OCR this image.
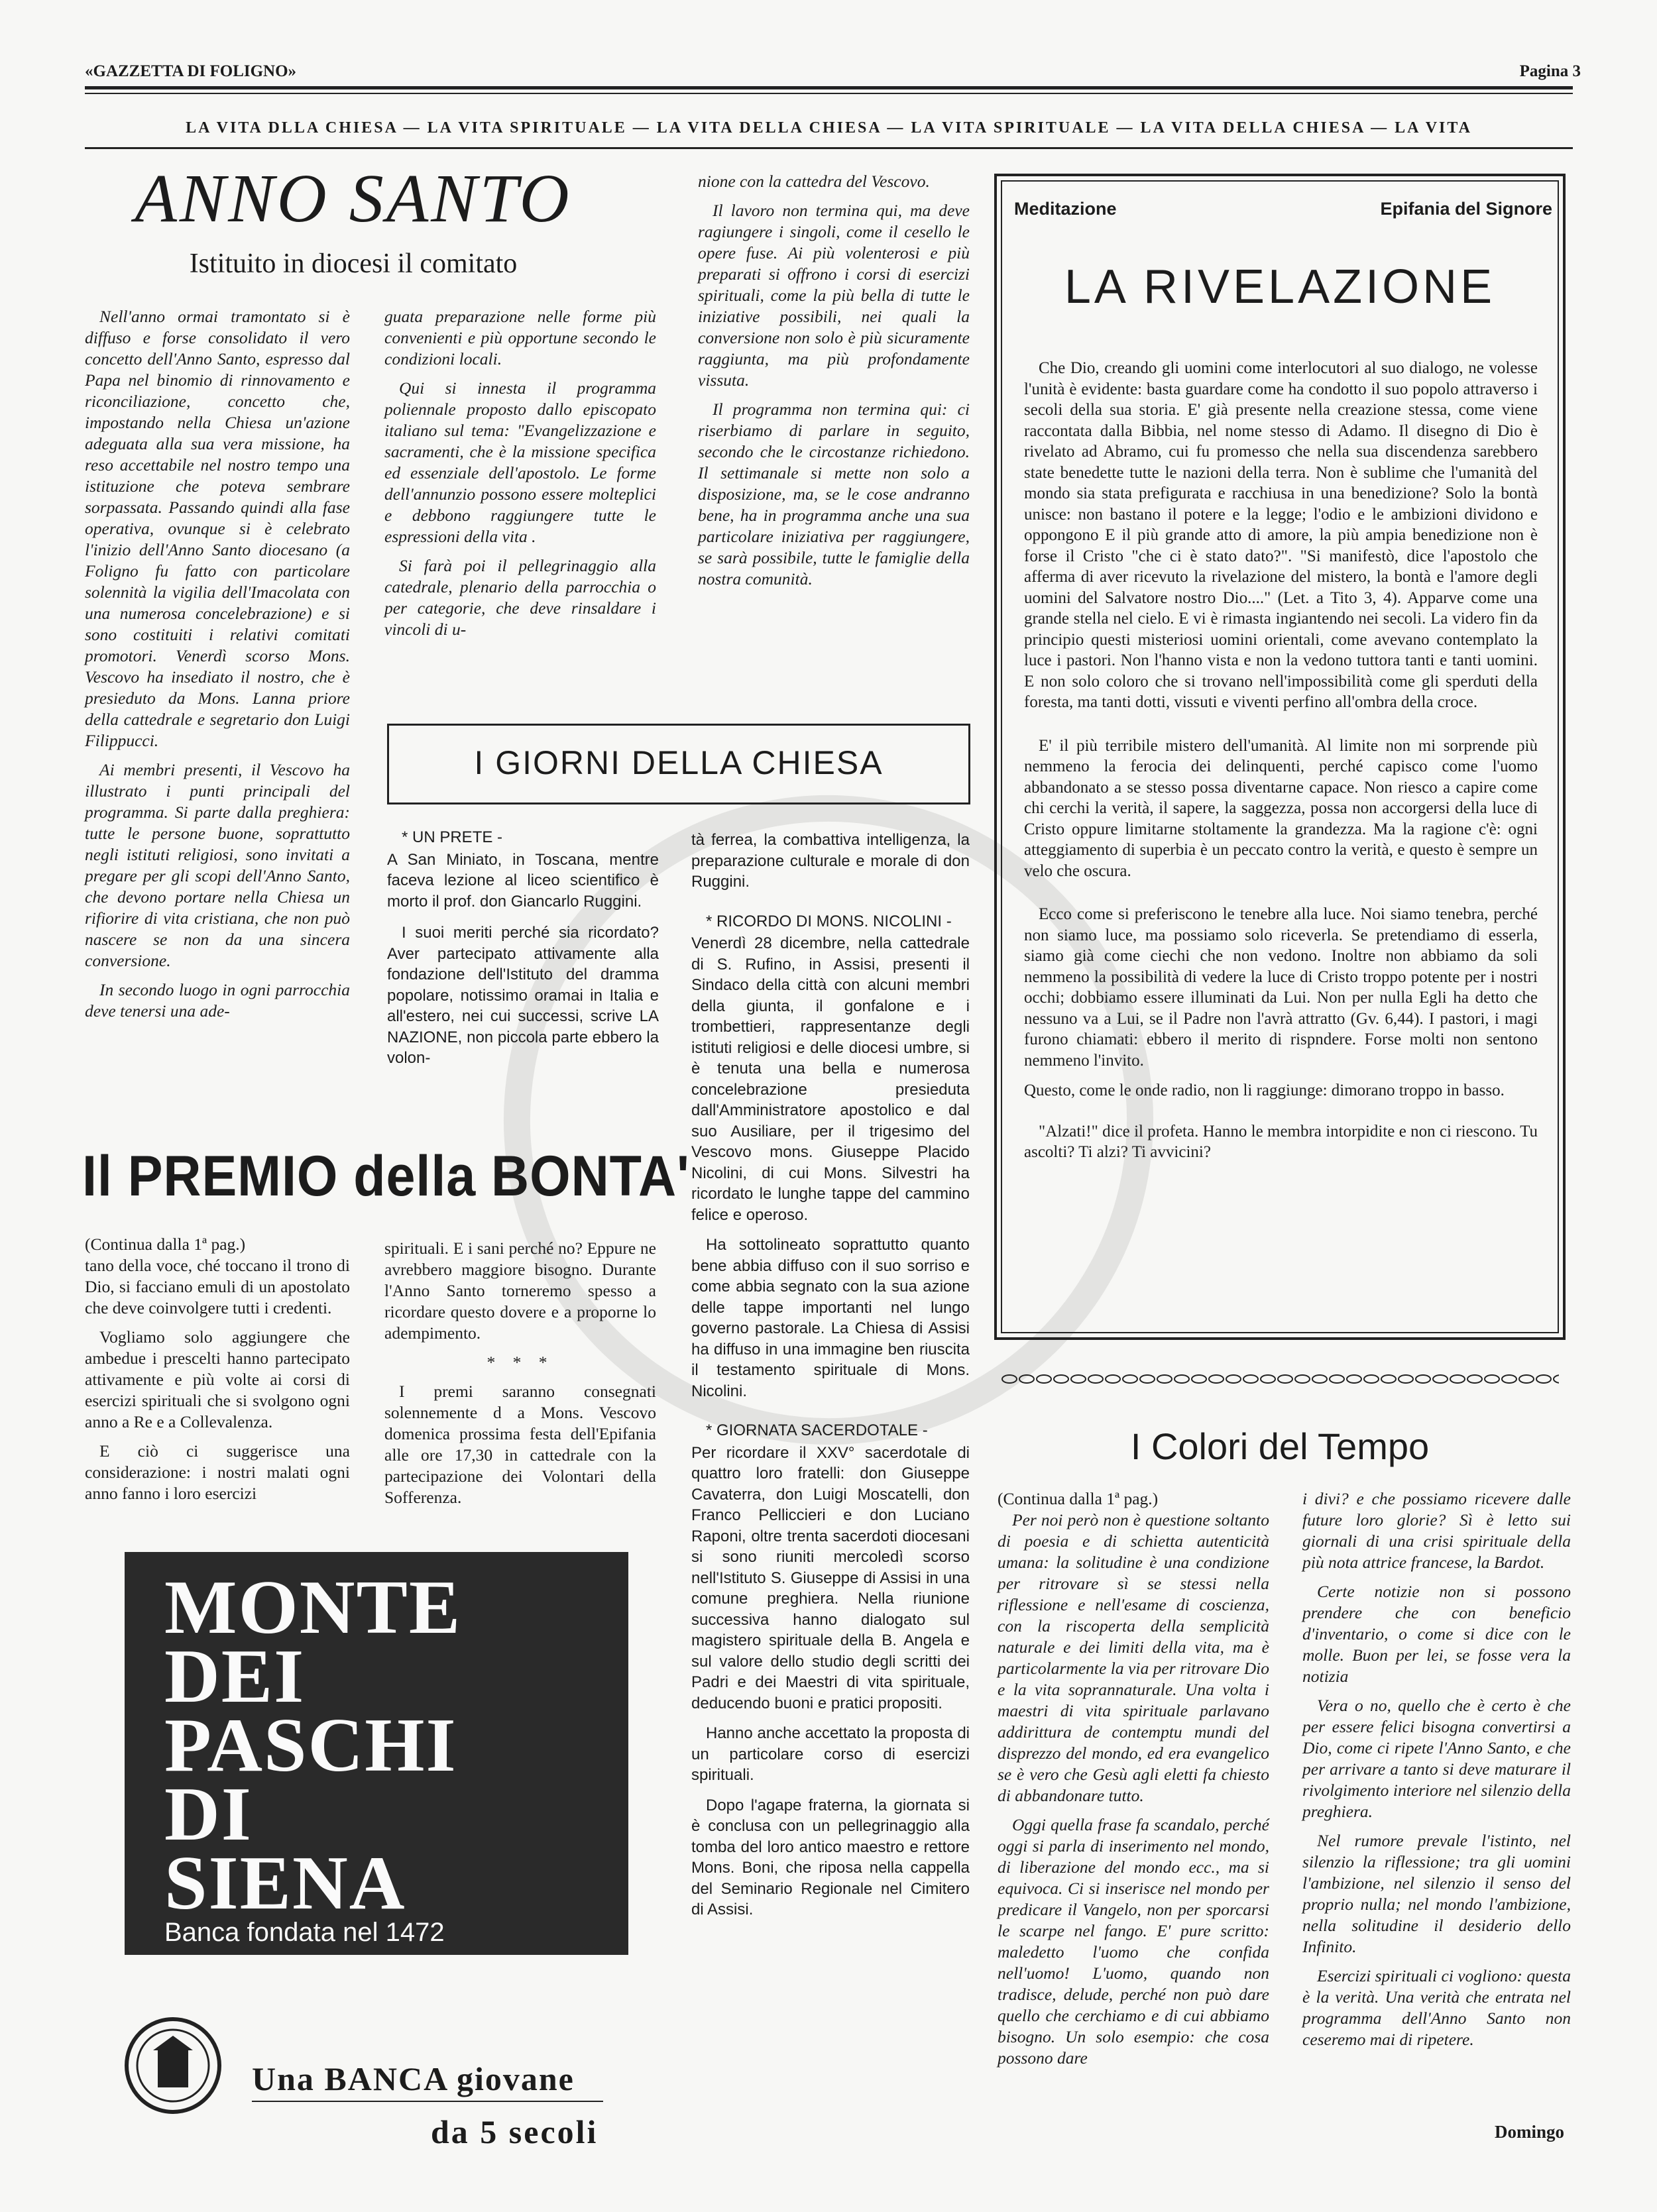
«GAZZETTA DI FOLIGNO»	Pagina 3
LA VITA DLLA CHIESA — LA VITA SPIRITUALE — LA VITA DELLA CHIESA — LA VITA SPIRITUALE — LA VITA DELLA CHIESA — LA VITA
ANNO SANTO
Istituito in diocesi il comitato

Nell'anno ormai tramontato si è diffuso e forse consolidato il vero concetto dell'Anno Santo, espresso dal Papa nel binomio di rinnovamento e riconciliazione, concetto che, impostando nella Chiesa un'azione adeguata alla sua vera missione, ha reso accettabile nel nostro tempo una istituzione che poteva sembrare sorpassata. Passando quindi alla fase operativa, ovunque si è celebrato l'inizio dell'Anno Santo diocesano (a Foligno fu fatto con particolare solennità la vigilia dell'Imacolata con una numerosa concelebrazione) e si sono costituiti i relativi comitati promotori. Venerdì scorso Mons. Vescovo ha insediato il nostro, che è presieduto da Mons. Lanna priore della cattedrale e segretario don Luigi Filippucci.

Ai membri presenti, il Vescovo ha illustrato i punti principali del programma. Si parte dalla preghiera: tutte le persone buone, soprattutto negli istituti religiosi, sono invitati a pregare per gli scopi dell'Anno Santo, che devono portare nella Chiesa un rifiorire di vita cristiana, che non può nascere se non da una sincera conversione.

In secondo luogo in ogni parrocchia deve tenersi una ade-

guata preparazione nelle forme più convenienti e più opportune secondo le condizioni locali.

Qui si innesta il programma poliennale proposto dallo episcopato italiano sul tema: "Evangelizzazione e sacramenti, che è la missione specifica ed essenziale dell'apostolo. Le forme dell'annunzio possono essere molteplici e debbono raggiungere tutte le espressioni della vita .

Si farà poi il pellegrinaggio alla catedrale, plenario della parrocchia o per categorie, che deve rinsaldare i vincoli di u-

nione con la cattedra del Vescovo.

Il lavoro non termina qui, ma deve ragiungere i singoli, come il cesello le opere fuse. Ai più volenterosi e più preparati si offrono i corsi di esercizi spirituali, come la più bella di tutte le iniziative possibili, nei quali la conversione non solo è più sicuramente raggiunta, ma più profondamente vissuta.

Il programma non termina qui: ci riserbiamo di parlare in seguito, secondo che le circostanze richiedono. Il settimanale si mette non solo a disposizione, ma, se le cose andranno bene, ha in programma anche una sua particolare iniziativa per raggiungere, se sarà possibile, tutte le famiglie della nostra comunità.

Meditazione	Epifania del Signore
LA RIVELAZIONE

Che Dio, creando gli uomini come interlocutori al suo dialogo, ne volesse l'unità è evidente: basta guardare come ha condotto il suo popolo attraverso i secoli della sua storia. E' già presente nella creazione stessa, come viene raccontata dalla Bibbia, nel nome stesso di Adamo. Il disegno di Dio è rivelato ad Abramo, cui fu promesso che nella sua discendenza sarebbero state benedette tutte le nazioni della terra. Non è sublime che l'umanità del mondo sia stata prefigurata e racchiusa in una benedizione? Solo la bontà unisce: non bastano il potere e la legge; l'odio e le ambizioni dividono e oppongono E il più grande atto di amore, la più ampia benedizione non è forse il Cristo "che ci è stato dato?". "Si manifestò, dice l'apostolo che afferma di aver ricevuto la rivelazione del mistero, la bontà e l'amore degli uomini del Salvatore nostro Dio...." (Let. a Tito 3, 4). Apparve come una grande stella nel cielo. E vi è rimasta ingiantendo nei secoli. La videro fin da principio questi misteriosi uomini orientali, come avevano contemplato la luce i pastori. Non l'hanno vista e non la vedono tuttora tanti e tanti uomini. E non solo coloro che si trovano nell'impossibilità come gli sperduti della foresta, ma tanti dotti, vissuti e viventi perfino all'ombra della croce.

E' il più terribile mistero dell'umanità. Al limite non mi sorprende più nemmeno la ferocia dei delinquenti, perché capisco come l'uomo abbandonato a se stesso possa diventarne capace. Non riesco a capire come chi cerchi la verità, il sapere, la saggezza, possa non accorgersi della luce di Cristo oppure limitarne stoltamente la grandezza. Ma la ragione c'è: ogni atteggiamento di superbia è un peccato contro la verità, e questo è sempre un velo che oscura.

Ecco come si preferiscono le tenebre alla luce. Noi siamo tenebra, perché non siamo luce, ma possiamo solo riceverla. Se pretendiamo di esserla, siamo già come ciechi che non vedono. Inoltre non abbiamo da soli nemmeno la possibilità di vedere la luce di Cristo troppo potente per i nostri occhi; dobbiamo essere illuminati da Lui. Non per nulla Egli ha detto che nessuno va a Lui, se il Padre non l'avrà attratto (Gv. 6,44). I pastori, i magi furono chiamati: ebbero il merito di rispndere. Forse molti non sentono nemmeno l'invito.

Questo, come le onde radio, non li raggiunge: dimorano troppo in basso.

"Alzati!" dice il profeta. Hanno le membra intorpidite e non ci riescono. Tu ascolti? Ti alzi? Ti avvicini?

I GIORNI DELLA CHIESA

* UN PRETE -

A San Miniato, in Toscana, mentre faceva lezione al liceo scientifico è morto il prof. don Giancarlo Ruggini.

I suoi meriti perché sia ricordato? Aver partecipato attivamente alla fondazione dell'Istituto del dramma popolare, notissimo oramai in Italia e all'estero, nei cui successi, scrive LA NAZIONE, non piccola parte ebbero la volon-

tà ferrea, la combattiva intelligenza, la preparazione culturale e morale di don Ruggini.

* RICORDO DI MONS. NICOLINI -

Venerdì 28 dicembre, nella cattedrale di S. Rufino, in Assisi, presenti il Sindaco della città con alcuni membri della giunta, il gonfalone e i trombettieri, rappresentanze degli istituti religiosi e delle diocesi umbre, si è tenuta una bella e numerosa concelebrazione presieduta dall'Amministratore apostolico e dal suo Ausiliare, per il trigesimo del Vescovo mons. Giuseppe Placido Nicolini, di cui Mons. Silvestri ha ricordato le lunghe tappe del cammino felice e operoso.

Ha sottolineato soprattutto quanto bene abbia diffuso con il suo sorriso e come abbia segnato con la sua azione delle tappe importanti nel lungo governo pastorale. La Chiesa di Assisi ha diffuso in una immagine ben riuscita il testamento spirituale di Mons. Nicolini.

* GIORNATA SACERDOTALE -

Per ricordare il XXV° sacerdotale di quattro loro fratelli: don Giuseppe Cavaterra, don Luigi Moscatelli, don Franco Pelliccieri e don Luciano Raponi, oltre trenta sacerdoti diocesani si sono riuniti mercoledì scorso nell'Istituto S. Giuseppe di Assisi in una comune preghiera. Nella riunione successiva hanno dialogato sul magistero spirituale della B. Angela e sul valore dello studio degli scritti dei Padri e dei Maestri di vita spirituale, deducendo buoni e pratici propositi.

Hanno anche accettato la proposta di un particolare corso di esercizi spirituali.

Dopo l'agape fraterna, la giornata si è conclusa con un pellegrinaggio alla tomba del loro antico maestro e rettore Mons. Boni, che riposa nella cappella del Seminario Regionale nel Cimitero di Assisi.

Il PREMIO della BONTA'

(Continua dalla 1ª pag.)

tano della voce, ché toccano il trono di Dio, si facciano emuli di un apostolato che deve coinvolgere tutti i credenti.

Vogliamo solo aggiungere che ambedue i prescelti hanno partecipato attivamente e più volte ai corsi di esercizi spirituali che si svolgono ogni anno a Re e a Collevalenza.

E ciò ci suggerisce una considerazione: i nostri malati ogni anno fanno i loro esercizi

spirituali. E i sani perché no? Eppure ne avrebbero maggiore bisogno. Durante l'Anno Santo torneremo spesso a ricordare questo dovere e a proporne lo adempimento.

* * *

I premi saranno consegnati solennemente d a Mons. Vescovo domenica prossima festa dell'Epifania alle ore 17,30 in cattedrale con la partecipazione dei Volontari della Sofferenza.

MONTE
DEI
PASCHI
DI
SIENA
Banca fondata nel 1472
Una BANCA giovane
da 5 secoli
I Colori del Tempo

(Continua dalla 1ª pag.)

Per noi però non è questione soltanto di poesia e di schietta autenticità umana: la solitudine è una condizione per ritrovare sì se stessi nella riflessione e nell'esame di coscienza, con la riscoperta della semplicità naturale e dei limiti della vita, ma è particolarmente la via per ritrovare Dio e la vita soprannaturale. Una volta i maestri di vita spirituale parlavano addirittura de contemptu mundi del disprezzo del mondo, ed era evangelico se è vero che Gesù agli eletti fa chiesto di abbandonare tutto.

Oggi quella frase fa scandalo, perché oggi si parla di inserimento nel mondo, di liberazione del mondo ecc., ma si equivoca. Ci si inserisce nel mondo per predicare il Vangelo, non per sporcarsi le scarpe nel fango. E' pure scritto: maledetto l'uomo che confida nell'uomo! L'uomo, quando non tradisce, delude, perché non può dare quello che cerchiamo e di cui abbiamo bisogno. Un solo esempio: che cosa possono dare

i divi? e che possiamo ricevere dalle future loro glorie? Sì è letto sui giornali di una crisi spirituale della più nota attrice francese, la Bardot.

Certe notizie non si possono prendere che con beneficio d'inventario, o come si dice con le molle. Buon per lei, se fosse vera la notizia

Vera o no, quello che è certo è che per essere felici bisogna convertirsi a Dio, come ci ripete l'Anno Santo, e che per arrivare a tanto si deve maturare il rivolgimento interiore nel silenzio della preghiera.

Nel rumore prevale l'istinto, nel silenzio la riflessione; tra gli uomini l'ambizione, nel silenzio il senso del proprio nulla; nel mondo l'ambizione, nella solitudine il desiderio dello Infinito.

Esercizi spirituali ci vogliono: questa è la verità. Una verità che entrata nel programma dell'Anno Santo non ceseremo mai di ripetere.

Domingo
